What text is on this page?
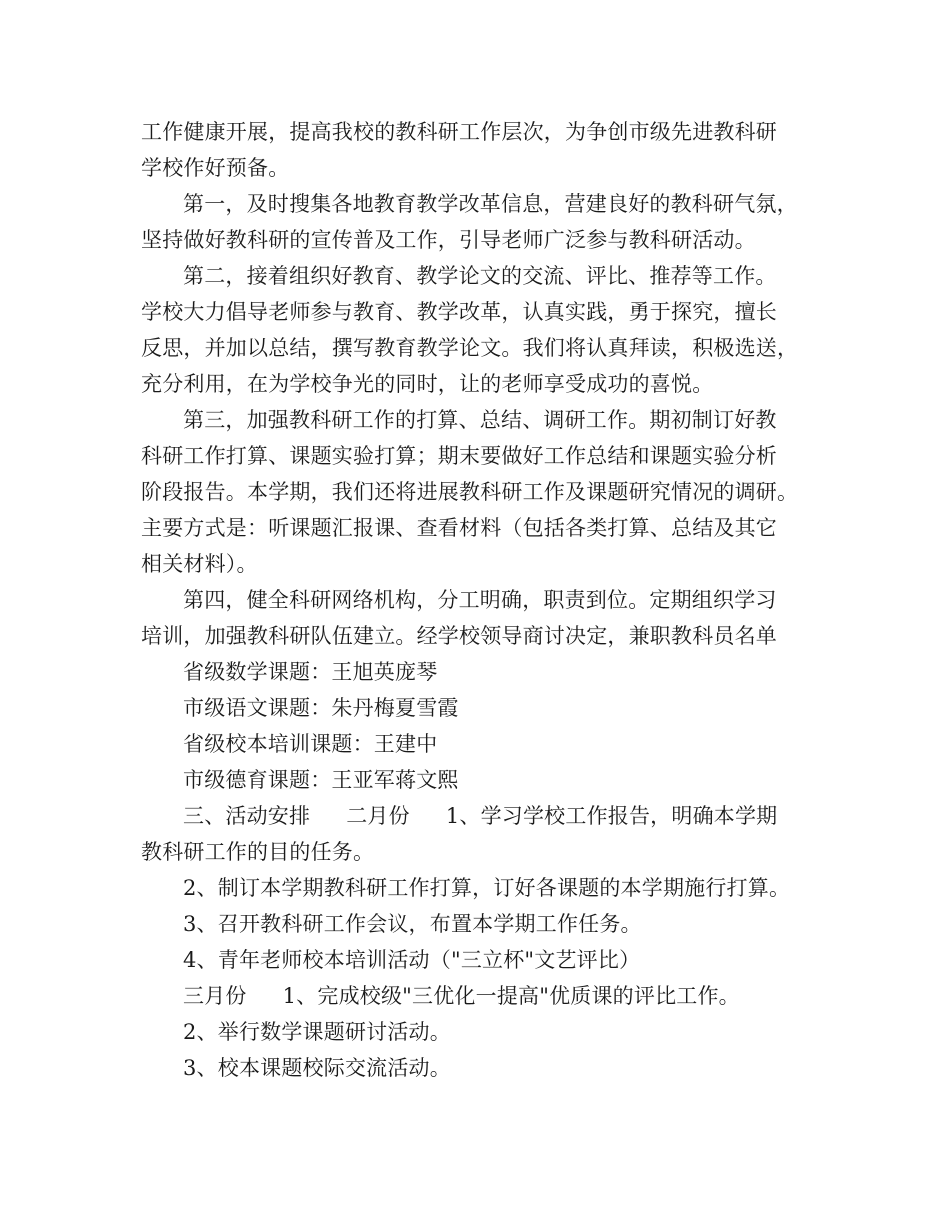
工作健康开展，提高我校的教科研工作层次，为争创市级先进教科研
学校作好预备。
第一，及时搜集各地教育教学改革信息，营建良好的教科研气氛，
坚持做好教科研的宣传普及工作，引导老师广泛参与教科研活动。
第二，接着组织好教育、教学论文的交流、评比、推荐等工作。
学校大力倡导老师参与教育、教学改革，认真实践，勇于探究，擅长
反思，并加以总结，撰写教育教学论文。我们将认真拜读，积极选送，
充分利用，在为学校争光的同时，让的老师享受成功的喜悦。
第三，加强教科研工作的打算、总结、调研工作。期初制订好教
科研工作打算、课题实验打算；期末要做好工作总结和课题实验分析
阶段报告。本学期，我们还将进展教科研工作及课题研究情况的调研。
主要方式是：听课题汇报课、查看材料（包括各类打算、总结及其它
相关材料）。
第四，健全科研网络机构，分工明确，职责到位。定期组织学习
培训，加强教科研队伍建立。经学校领导商讨决定，兼职教科员名单
省级数学课题：王旭英庞琴
市级语文课题：朱丹梅夏雪霞
省级校本培训课题：王建中
市级德育课题：王亚军蒋文熙
三、活动安排 二月份 1、学习学校工作报告，明确本学期
教科研工作的目的任务。
2、制订本学期教科研工作打算，订好各课题的本学期施行打算。
3、召开教科研工作会议，布置本学期工作任务。
4、青年老师校本培训活动（"三立杯"文艺评比）
三月份 1、完成校级"三优化一提高"优质课的评比工作。
2、举行数学课题研讨活动。
3、校本课题校际交流活动。
